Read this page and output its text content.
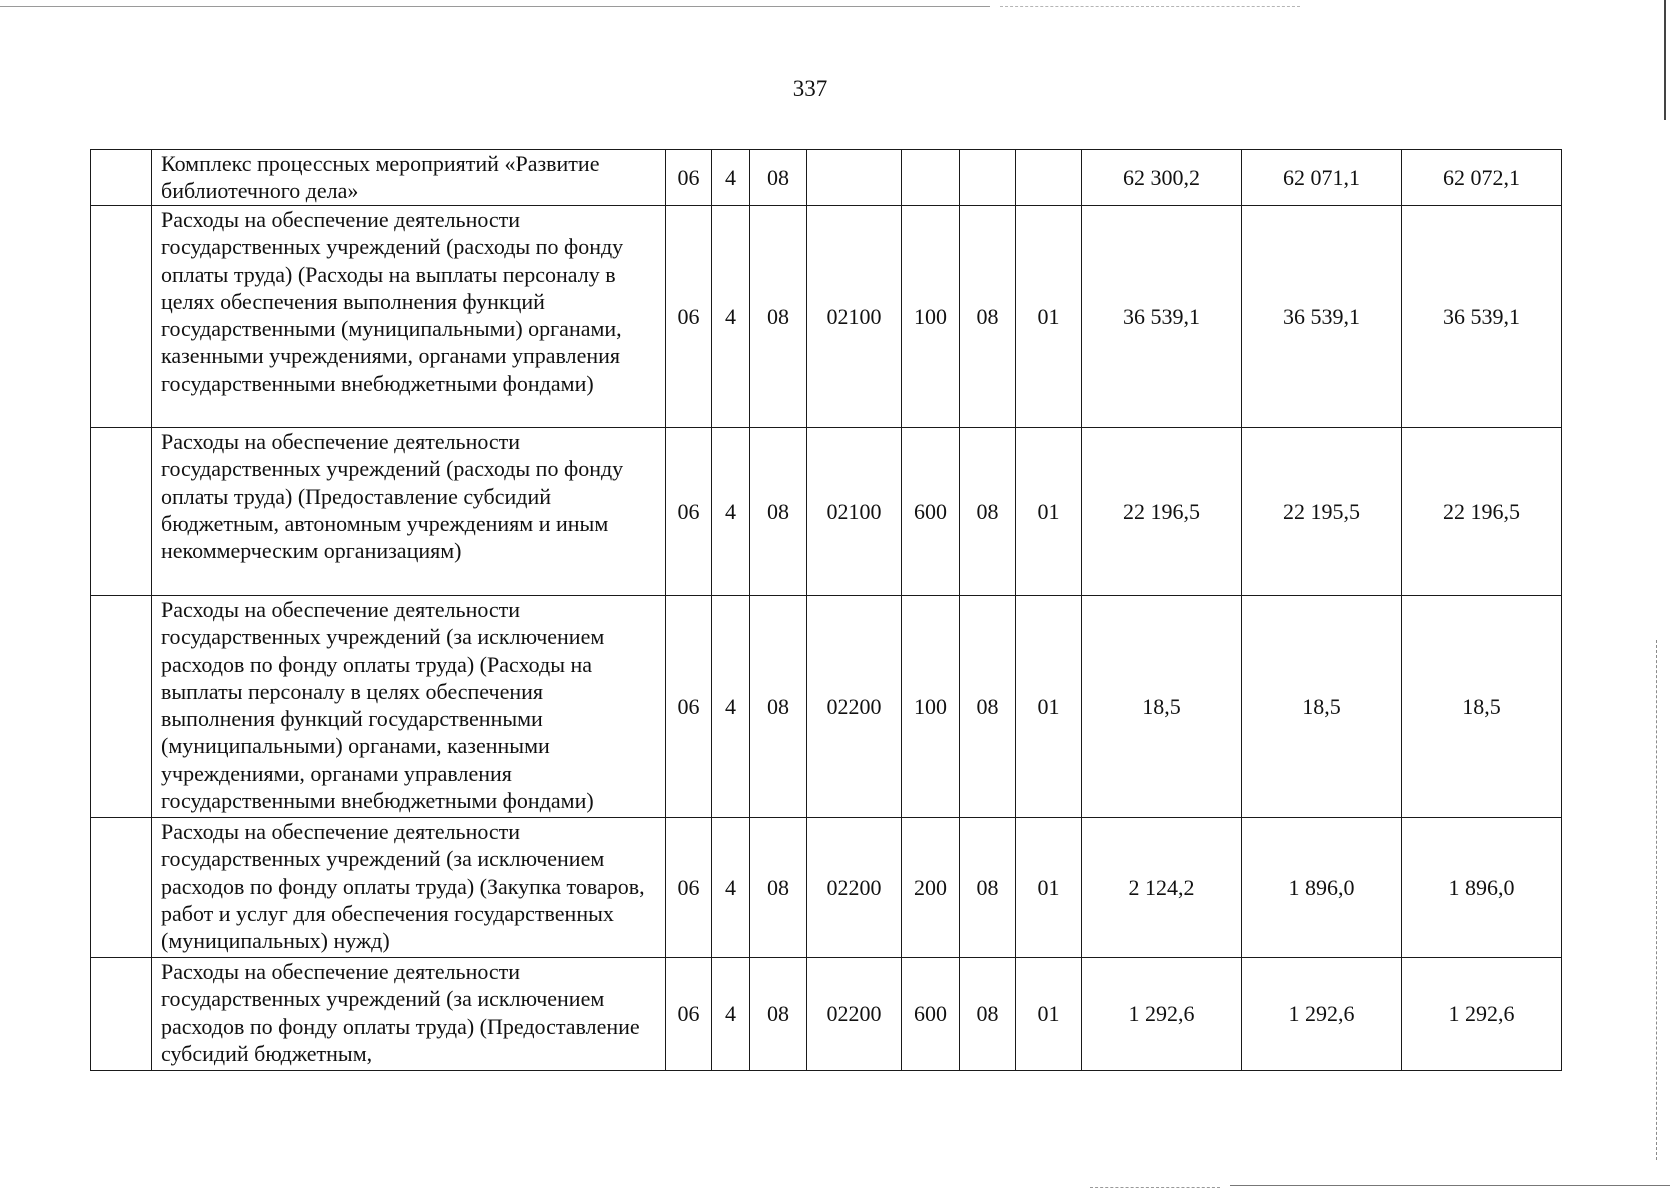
337
	Комплекс процессных мероприятий «Развитие библиотечного дела»	06	4	08					62 300,2	62 071,1	62 072,1
	Расходы на обеспечение деятельности государственных учреждений (расходы по фонду оплаты труда) (Расходы на выплаты персоналу в целях обеспечения выполнения функций государственными (муниципальными) органами, казенными учреждениями, органами управления государственными внебюджетными фондами)	06	4	08	02100	100	08	01	36 539,1	36 539,1	36 539,1
	Расходы на обеспечение деятельности государственных учреждений (расходы по фонду оплаты труда) (Предоставление субсидий бюджетным, автономным учреждениям и иным некоммерческим организациям)	06	4	08	02100	600	08	01	22 196,5	22 195,5	22 196,5
	Расходы на обеспечение деятельности государственных учреждений (за исключением расходов по фонду оплаты труда) (Расходы на выплаты персоналу в целях обеспечения выполнения функций государственными (муниципальными) органами, казенными учреждениями, органами управления государственными внебюджетными фондами)	06	4	08	02200	100	08	01	18,5	18,5	18,5
	Расходы на обеспечение деятельности государственных учреждений (за исключением расходов по фонду оплаты труда) (Закупка товаров, работ и услуг для обеспечения государственных (муниципальных) нужд)	06	4	08	02200	200	08	01	2 124,2	1 896,0	1 896,0
	Расходы на обеспечение деятельности государственных учреждений (за исключением расходов по фонду оплаты труда) (Предоставление субсидий бюджетным,	06	4	08	02200	600	08	01	1 292,6	1 292,6	1 292,6
